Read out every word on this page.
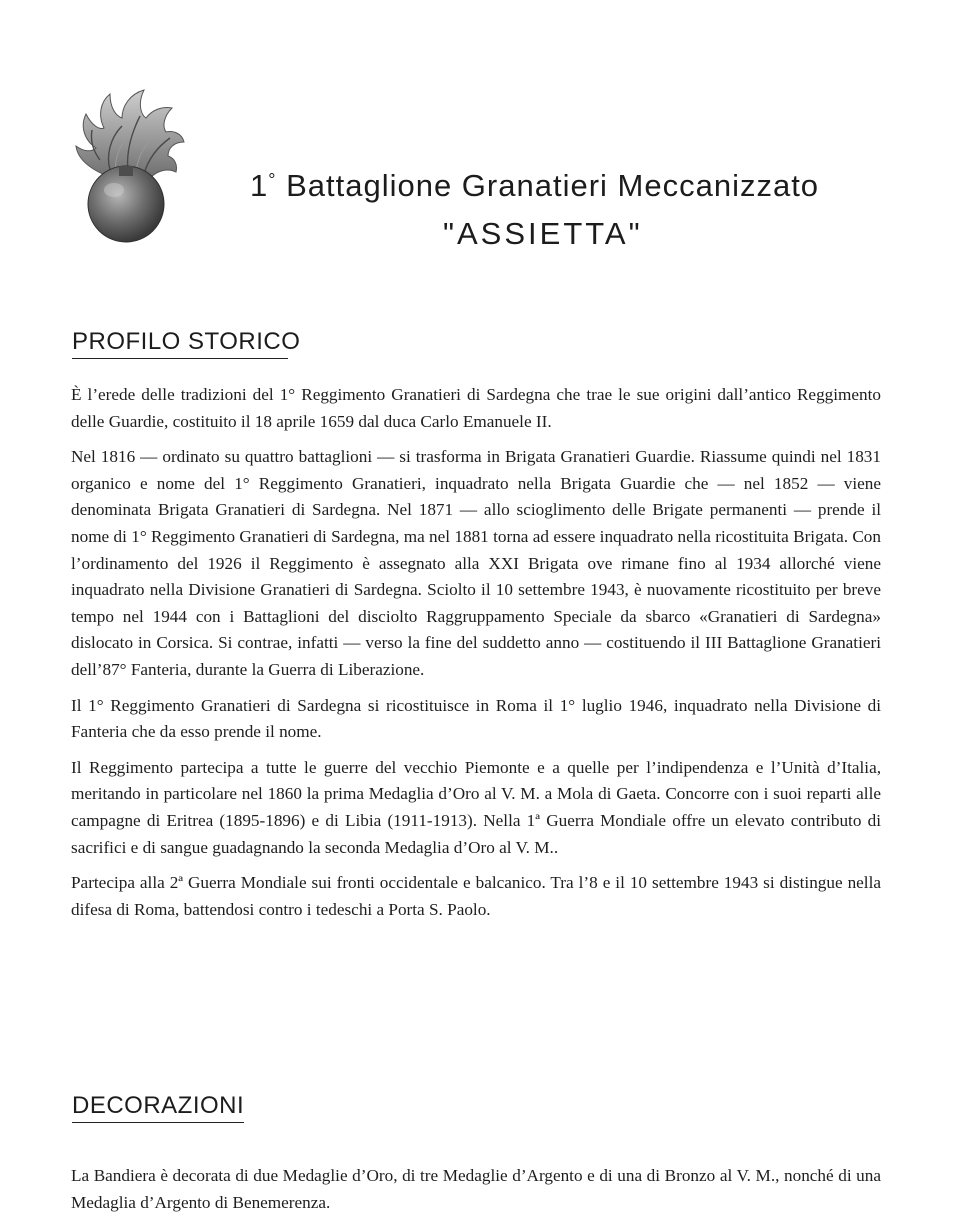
1° Battaglione Granatieri Meccanizzato
"ASSIETTA"
PROFILO STORICO

È l’erede delle tradizioni del 1° Reggimento Granatieri di Sardegna che trae le sue origini dall’antico Reggimento delle Guardie, costituito il 18 aprile 1659 dal duca Carlo Emanuele II.

Nel 1816 — ordinato su quattro battaglioni — si trasforma in Brigata Granatieri Guardie. Riassume quindi nel 1831 organico e nome del 1° Reggimento Granatieri, inquadrato nella Brigata Guardie che — nel 1852 — viene denominata Brigata Granatieri di Sardegna. Nel 1871 — allo scioglimento delle Brigate permanenti — prende il nome di 1° Reggimento Granatieri di Sardegna, ma nel 1881 torna ad essere inquadrato nella ricostituita Brigata. Con l’ordinamento del 1926 il Reggimento è assegnato alla XXI Brigata ove rimane fino al 1934 allorché viene inquadrato nella Divisione Granatieri di Sardegna. Sciolto il 10 settembre 1943, è nuovamente ricostituito per breve tempo nel 1944 con i Battaglioni del disciolto Raggruppamento Speciale da sbarco «Granatieri di Sardegna» dislocato in Corsica. Si contrae, infatti — verso la fine del suddetto anno — costituendo il III Battaglione Granatieri dell’87° Fanteria, durante la Guerra di Liberazione.

Il 1° Reggimento Granatieri di Sardegna si ricostituisce in Roma il 1° luglio 1946, inquadrato nella Divisione di Fanteria che da esso prende il nome.

Il Reggimento partecipa a tutte le guerre del vecchio Piemonte e a quelle per l’indipendenza e l’Unità d’Italia, meritando in particolare nel 1860 la prima Medaglia d’Oro al V. M. a Mola di Gaeta. Concorre con i suoi reparti alle campagne di Eritrea (1895-1896) e di Libia (1911-1913). Nella 1ª Guerra Mondiale offre un elevato contributo di sacrifici e di sangue guadagnando la seconda Medaglia d’Oro al V. M..

Partecipa alla 2ª Guerra Mondiale sui fronti occidentale e balcanico. Tra l’8 e il 10 settembre 1943 si distingue nella difesa di Roma, battendosi contro i tedeschi a Porta S. Paolo.

DECORAZIONI

La Bandiera è decorata di due Medaglie d’Oro, di tre Medaglie d’Argento e di una di Bronzo al V. M., nonché di una Medaglia d’Argento di Benemerenza.
